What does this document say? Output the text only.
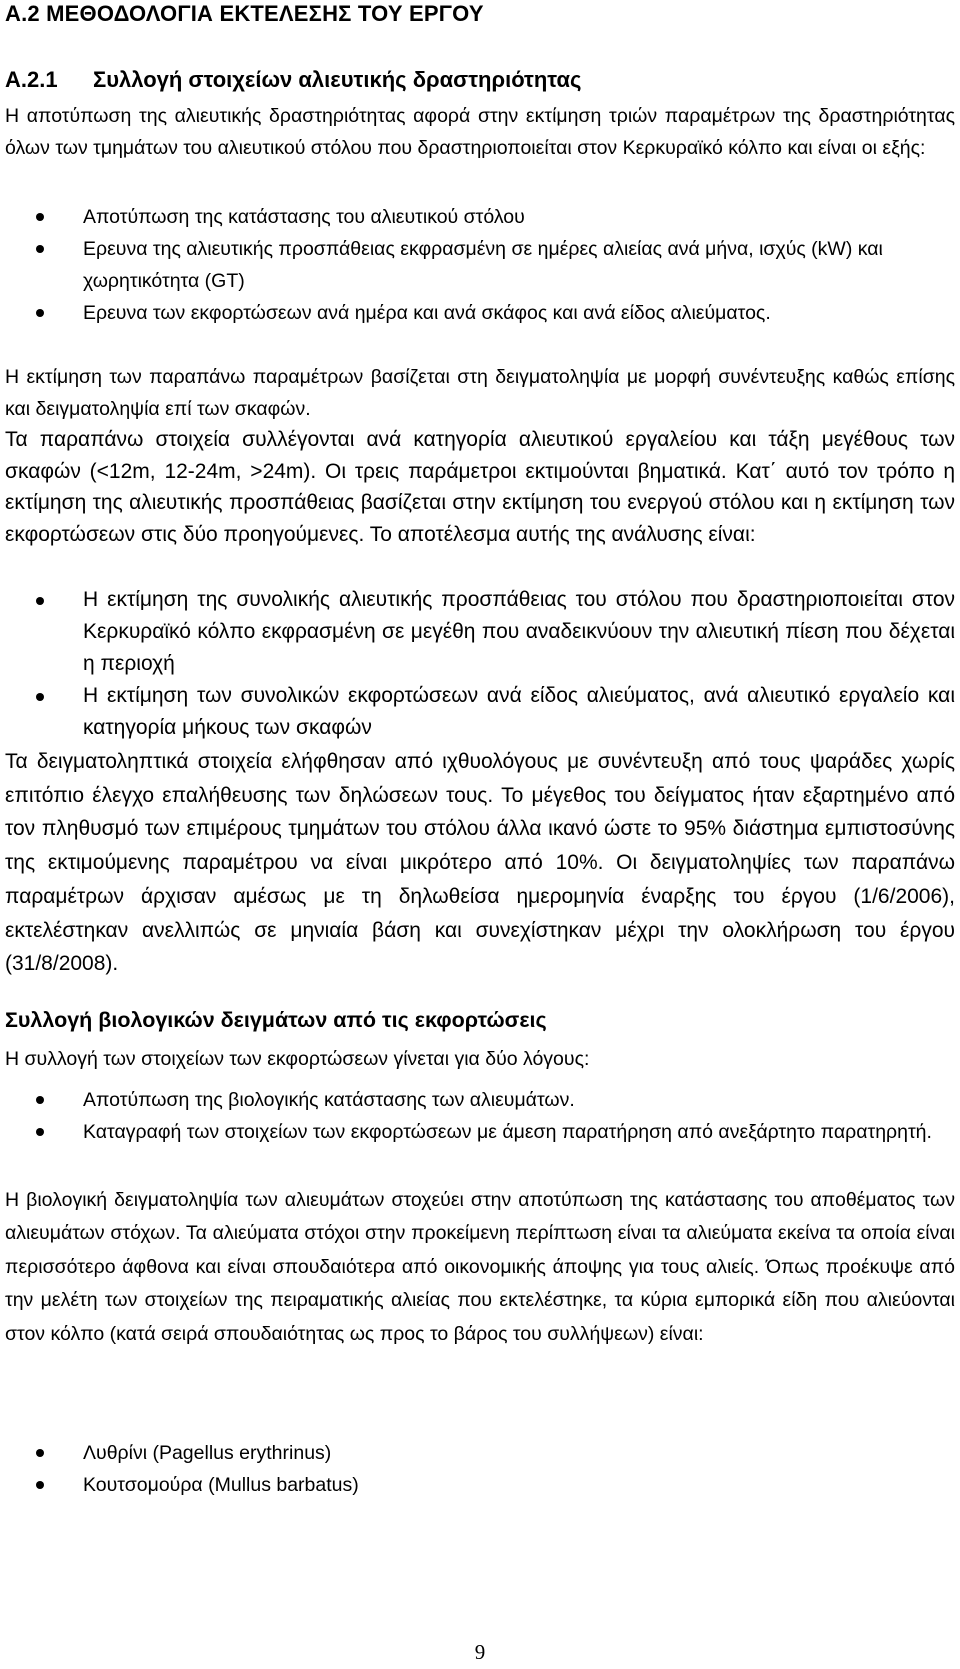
Α.2 ΜΕΘΟΔΟΛΟΓΙΑ ΕΚΤΕΛΕΣΗΣ ΤΟΥ ΕΡΓΟΥ
Α.2.1 Συλλογή στοιχείων αλιευτικής δραστηριότητας

Η αποτύπωση της αλιευτικής δραστηριότητας αφορά στην εκτίμηση τριών παραμέτρων της δραστηριότητας όλων των τμημάτων του αλιευτικού στόλου που δραστηριοποιείται στον Κερκυραϊκό κόλπο και είναι οι εξής:

Αποτύπωση της κατάστασης του αλιευτικού στόλου
Ερευνα της αλιευτικής προσπάθειας εκφρασμένη σε ημέρες αλιείας ανά μήνα, ισχύς (kW) και χωρητικότητα (GT)
Ερευνα των εκφορτώσεων ανά ημέρα και ανά σκάφος και ανά είδος αλιεύματος.

Η εκτίμηση των παραπάνω παραμέτρων βασίζεται στη δειγματοληψία με μορφή συνέντευξης καθώς επίσης και δειγματοληψία επί των σκαφών.

Τα παραπάνω στοιχεία συλλέγονται ανά κατηγορία αλιευτικού εργαλείου και τάξη μεγέθους των σκαφών (<12m, 12-24m, >24m). Οι τρεις παράμετροι εκτιμούνται βηματικά. Κατ΄ αυτό τον τρόπο η εκτίμηση της αλιευτικής προσπάθειας βασίζεται στην εκτίμηση του ενεργού στόλου και η εκτίμηση των εκφορτώσεων στις δύο προηγούμενες. Το αποτέλεσμα αυτής της ανάλυσης είναι:

Η εκτίμηση της συνολικής αλιευτικής προσπάθειας του στόλου που δραστηριοποιείται στον Κερκυραϊκό κόλπο εκφρασμένη σε μεγέθη που αναδεικνύουν την αλιευτική πίεση που δέχεται η περιοχή
Η εκτίμηση των συνολικών εκφορτώσεων ανά είδος αλιεύματος, ανά αλιευτικό εργαλείο και κατηγορία μήκους των σκαφών

Τα δειγματοληπτικά στοιχεία ελήφθησαν από ιχθυολόγους με συνέντευξη από τους ψαράδες χωρίς επιτόπιο έλεγχο επαλήθευσης των δηλώσεων τους. Το μέγεθος του δείγματος ήταν εξαρτημένο από τον πληθυσμό των επιμέρους τμημάτων του στόλου άλλα ικανό ώστε το 95% διάστημα εμπιστοσύνης της εκτιμούμενης παραμέτρου να είναι μικρότερο από 10%. Οι δειγματοληψίες των παραπάνω παραμέτρων άρχισαν αμέσως με τη δηλωθείσα ημερομηνία έναρξης του έργου (1/6/2006), εκτελέστηκαν ανελλιπώς σε μηνιαία βάση και συνεχίστηκαν μέχρι την ολοκλήρωση του έργου (31/8/2008).

Συλλογή βιολογικών δειγμάτων από τις εκφορτώσεις

Η συλλογή των στοιχείων των εκφορτώσεων γίνεται για δύο λόγους:

Αποτύπωση της βιολογικής κατάστασης των αλιευμάτων.
Καταγραφή των στοιχείων των εκφορτώσεων με άμεση παρατήρηση από ανεξάρτητο παρατηρητή.

Η βιολογική δειγματοληψία των αλιευμάτων στοχεύει στην αποτύπωση της κατάστασης του αποθέματος των αλιευμάτων στόχων. Τα αλιεύματα στόχοι στην προκείμενη περίπτωση είναι τα αλιεύματα εκείνα τα οποία είναι περισσότερο άφθονα και είναι σπουδαιότερα από οικονομικής άποψης για τους αλιείς. Όπως προέκυψε από την μελέτη των στοιχείων της πειραματικής αλιείας που εκτελέστηκε, τα κύρια εμπορικά είδη που αλιεύονται στον κόλπο (κατά σειρά σπουδαιότητας ως προς το βάρος του συλλήψεων) είναι:

Λυθρίνι (Pagellus erythrinus)
Κουτσομούρα (Mullus barbatus)
9
